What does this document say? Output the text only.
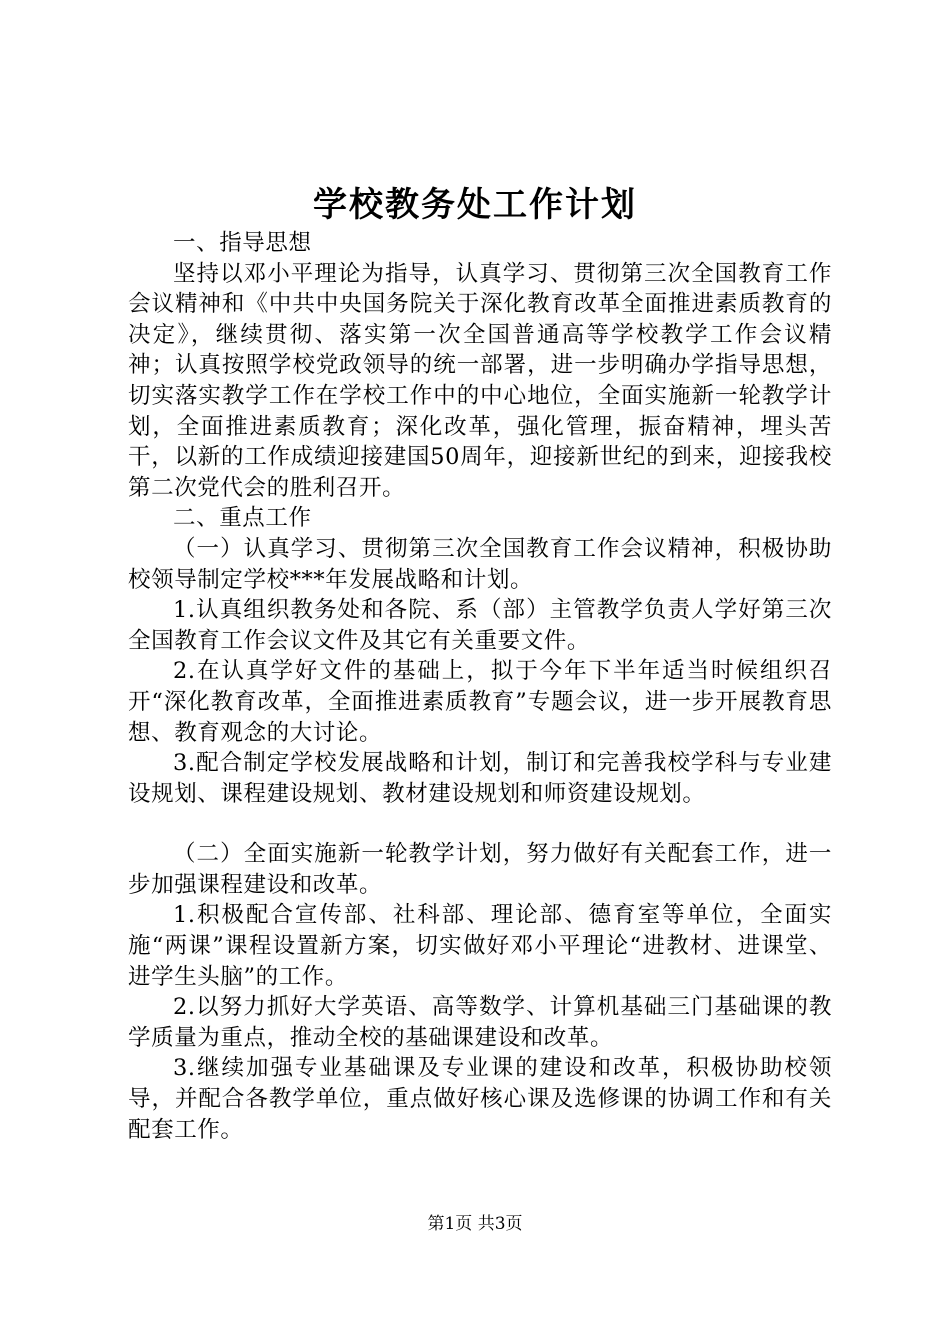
学校教务处工作计划

一、指导思想

坚持以邓小平理论为指导，认真学习、贯彻第三次全国教育工作会议精神和《中共中央国务院关于深化教育改革全面推进素质教育的决定》，继续贯彻、落实第一次全国普通高等学校教学工作会议精神；认真按照学校党政领导的统一部署，进一步明确办学指导思想，切实落实教学工作在学校工作中的中心地位，全面实施新一轮教学计划，全面推进素质教育；深化改革，强化管理，振奋精神，埋头苦干，以新的工作成绩迎接建国50周年，迎接新世纪的到来，迎接我校第二次党代会的胜利召开。

二、重点工作

（一）认真学习、贯彻第三次全国教育工作会议精神，积极协助校领导制定学校***年发展战略和计划。

1.认真组织教务处和各院、系（部）主管教学负责人学好第三次全国教育工作会议文件及其它有关重要文件。

2.在认真学好文件的基础上，拟于今年下半年适当时候组织召开“深化教育改革，全面推进素质教育”专题会议，进一步开展教育思想、教育观念的大讨论。

3.配合制定学校发展战略和计划，制订和完善我校学科与专业建设规划、课程建设规划、教材建设规划和师资建设规划。

（二）全面实施新一轮教学计划，努力做好有关配套工作，进一步加强课程建设和改革。

1.积极配合宣传部、社科部、理论部、德育室等单位，全面实施“两课”课程设置新方案，切实做好邓小平理论“进教材、进课堂、进学生头脑”的工作。

2.以努力抓好大学英语、高等数学、计算机基础三门基础课的教学质量为重点，推动全校的基础课建设和改革。

3.继续加强专业基础课及专业课的建设和改革，积极协助校领导，并配合各教学单位，重点做好核心课及选修课的协调工作和有关配套工作。

第1页 共3页
